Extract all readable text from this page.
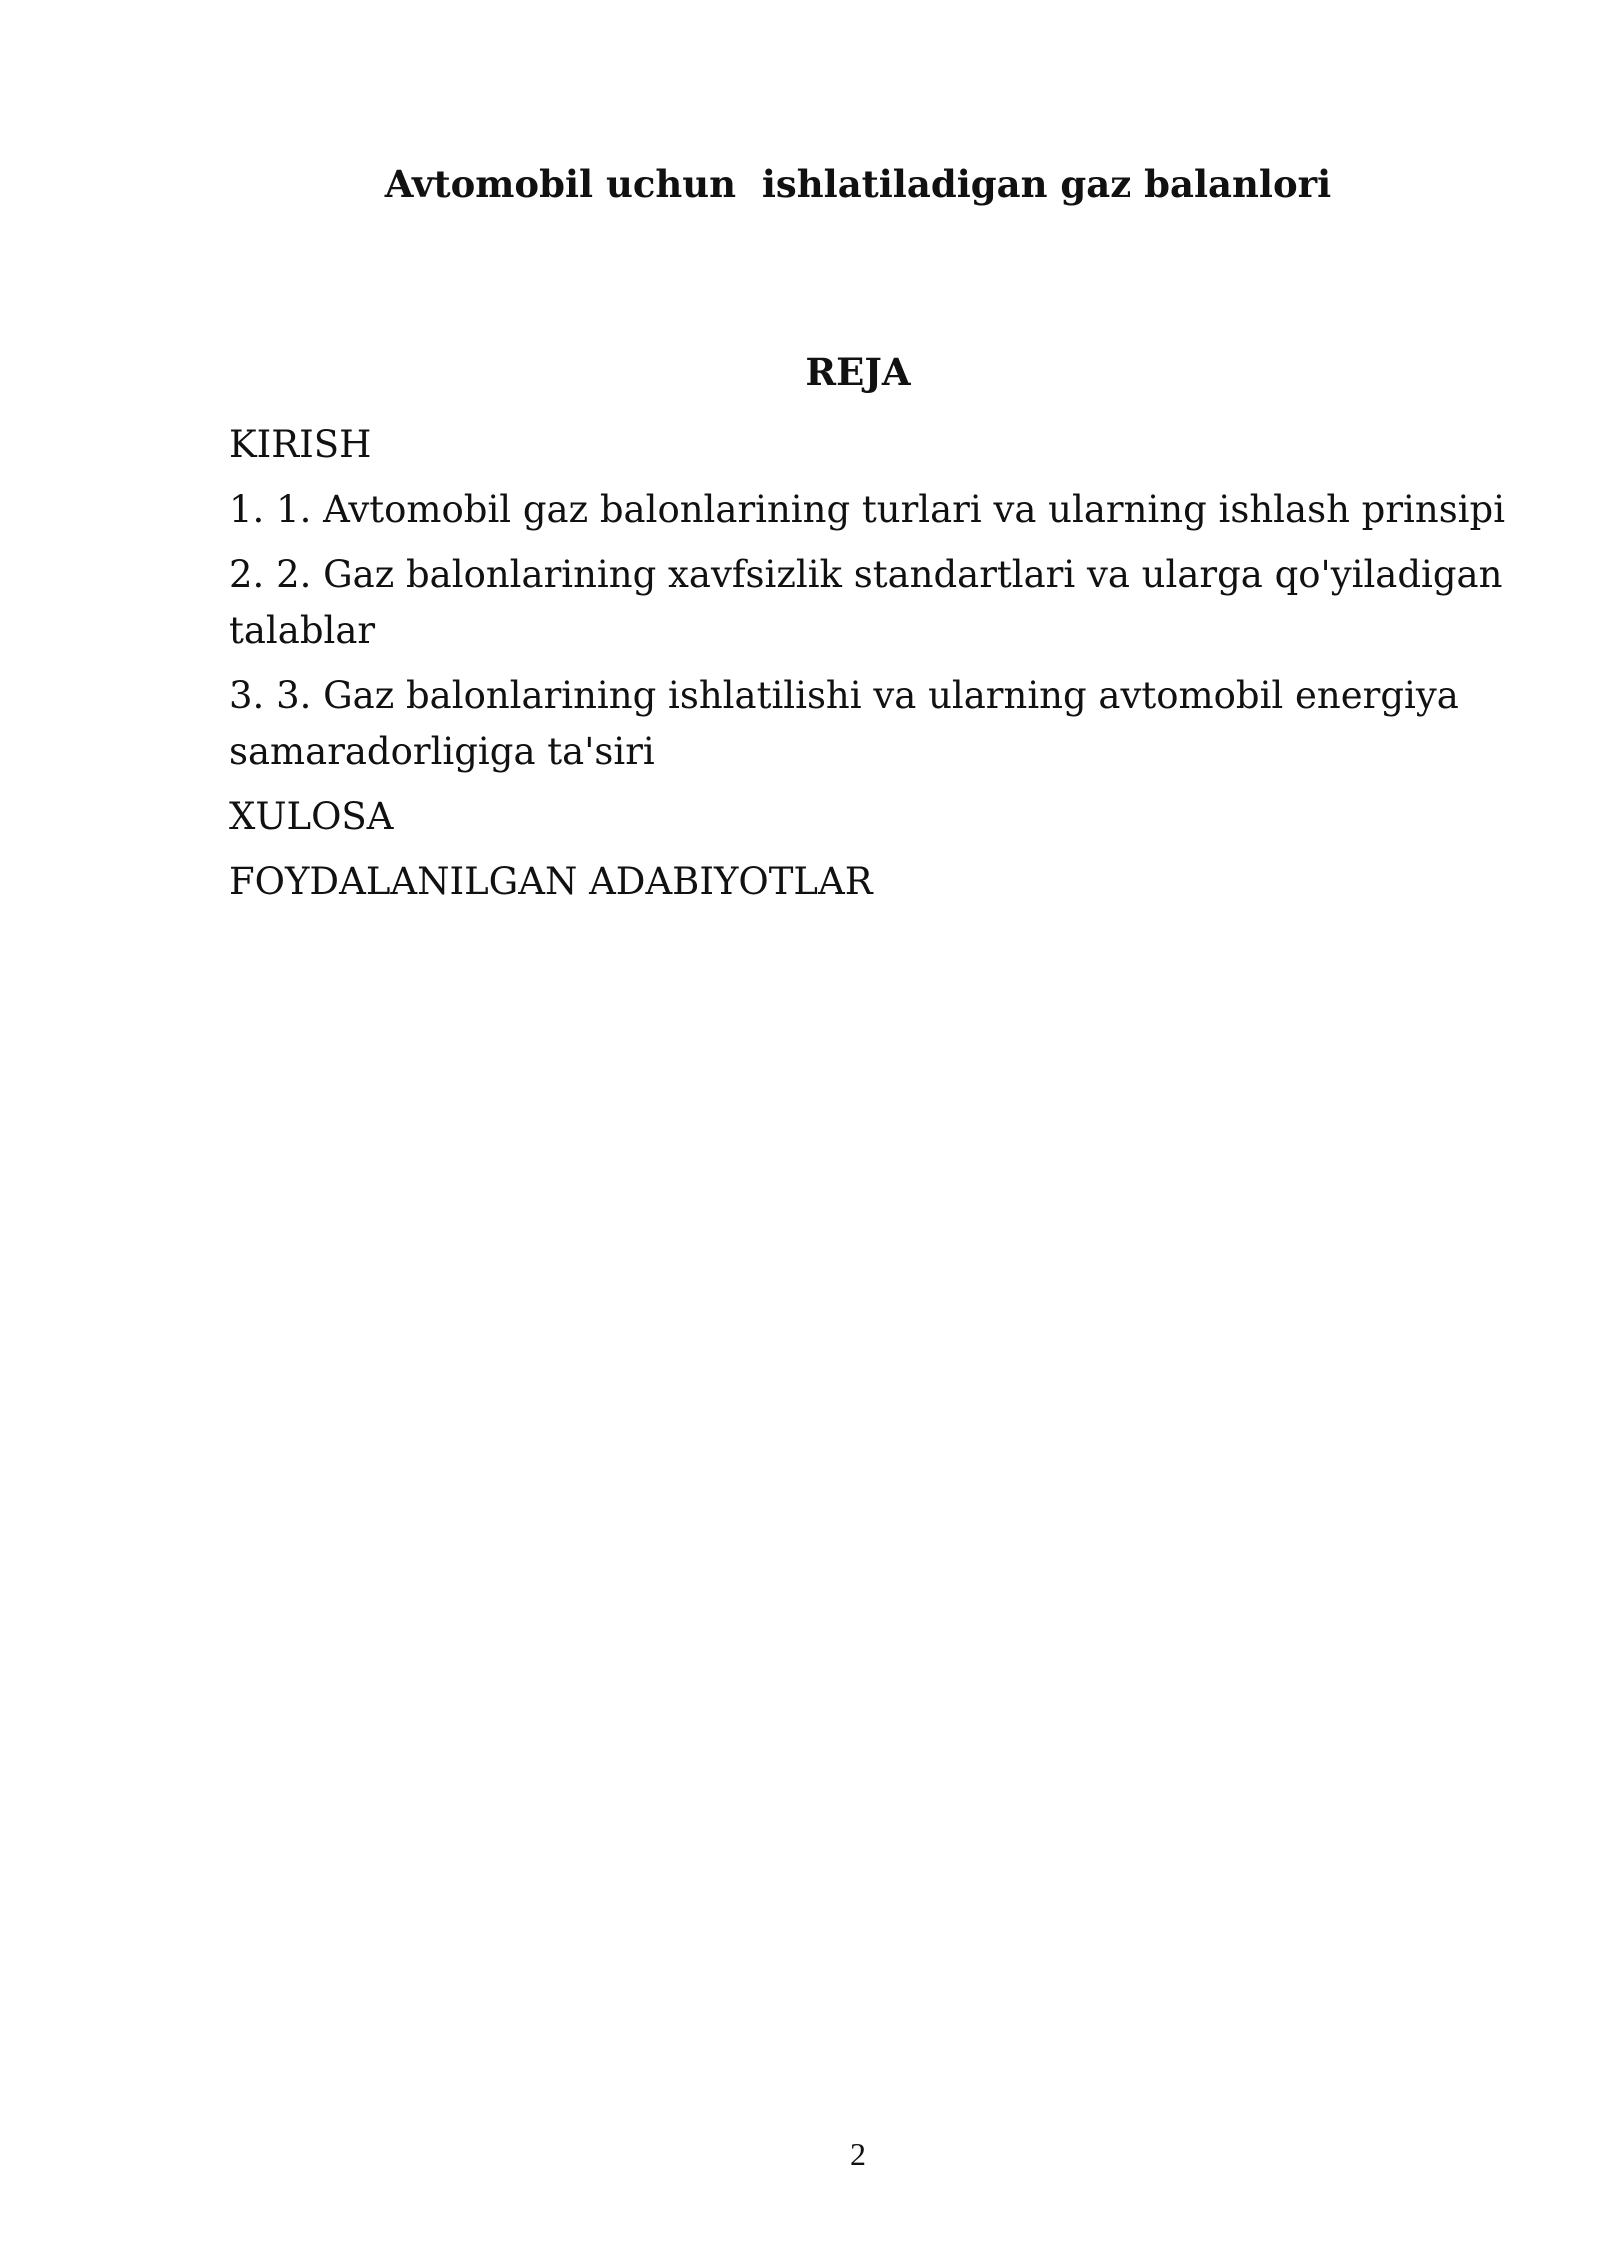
Avtomobil uchun  ishlatiladigan gaz balanlori
REJA
KIRISH
1. 1. Avtomobil gaz balonlarining turlari va ularning ishlash prinsipi
2. 2. Gaz balonlarining xavfsizlik standartlari va ularga qo'yiladigan talablar
3. 3. Gaz balonlarining ishlatilishi va ularning avtomobil energiya samaradorligiga ta'siri
XULOSA
FOYDALANILGAN ADABIYOTLAR
2
